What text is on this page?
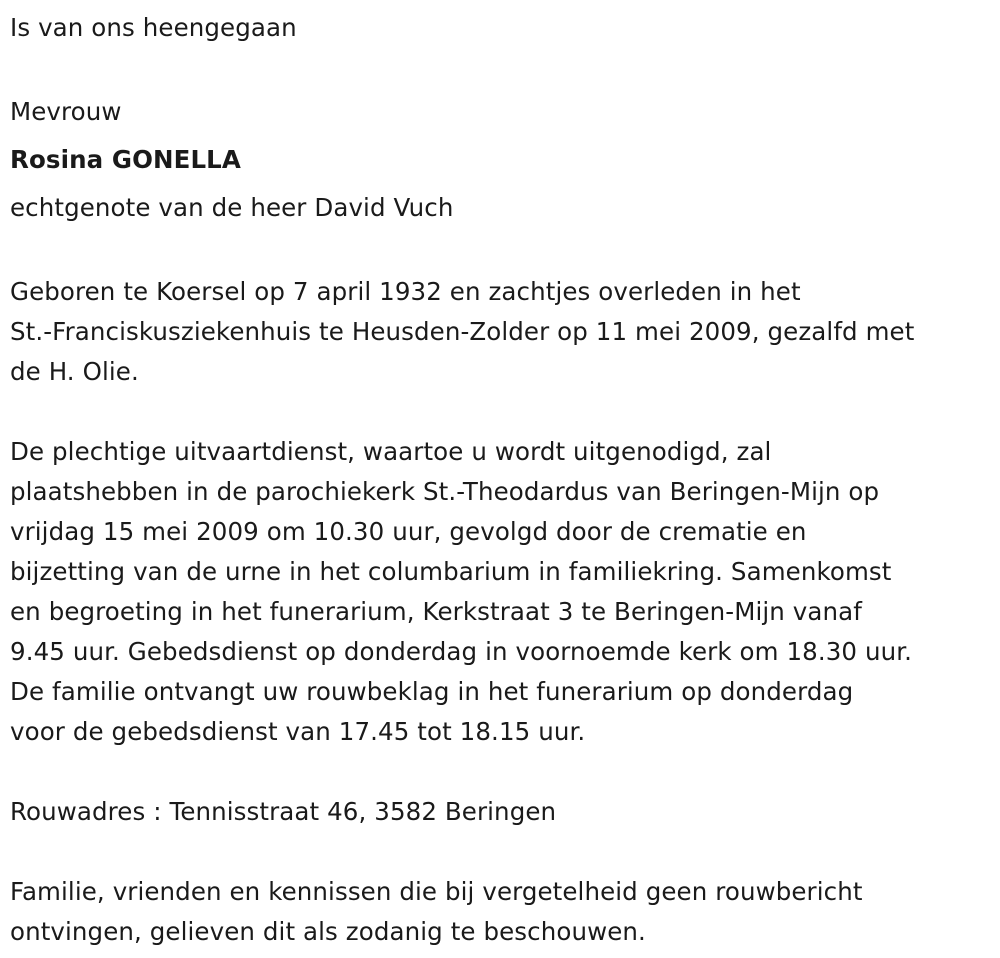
Is van ons heengegaan
Mevrouw
Rosina GONELLA
echtgenote van de heer David Vuch
Geboren te Koersel op 7 april 1932 en zachtjes overleden in het
St.-Franciskusziekenhuis te Heusden-Zolder op 11 mei 2009, gezalfd met
de H. Olie.
De plechtige uitvaartdienst, waartoe u wordt uitgenodigd, zal
plaatshebben in de parochiekerk St.-Theodardus van Beringen-Mijn op
vrijdag 15 mei 2009 om 10.30 uur, gevolgd door de crematie en
bijzetting van de urne in het columbarium in familiekring. Samenkomst
en begroeting in het funerarium, Kerkstraat 3 te Beringen-Mijn vanaf
9.45 uur. Gebedsdienst op donderdag in voornoemde kerk om 18.30 uur.
De familie ontvangt uw rouwbeklag in het funerarium op donderdag
voor de gebedsdienst van 17.45 tot 18.15 uur.
Rouwadres : Tennisstraat 46, 3582 Beringen
Familie, vrienden en kennissen die bij vergetelheid geen rouwbericht
ontvingen, gelieven dit als zodanig te beschouwen.
